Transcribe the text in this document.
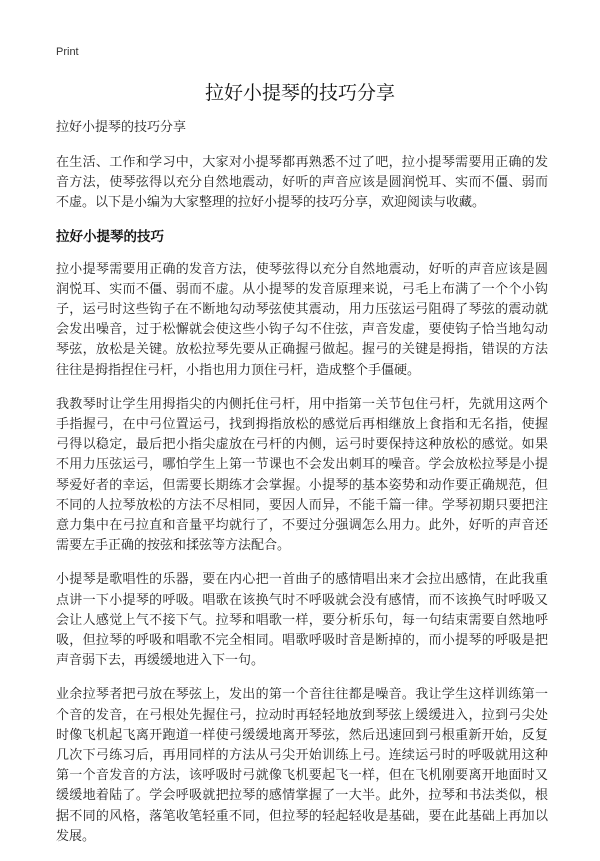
Print
拉好小提琴的技巧分享

拉好小提琴的技巧分享

在生活、工作和学习中，大家对小提琴都再熟悉不过了吧，拉小提琴需要用正确的发音方法，使琴弦得以充分自然地震动，好听的声音应该是圆润悦耳、实而不僵、弱而不虚。以下是小编为大家整理的拉好小提琴的技巧分享，欢迎阅读与收藏。

拉好小提琴的技巧

拉小提琴需要用正确的发音方法，使琴弦得以充分自然地震动，好听的声音应该是圆润悦耳、实而不僵、弱而不虚。从小提琴的发音原理来说，弓毛上布满了一个个小钩子，运弓时这些钩子在不断地勾动琴弦使其震动，用力压弦运弓阻碍了琴弦的震动就会发出噪音，过于松懈就会使这些小钩子勾不住弦，声音发虚，要使钩子恰当地勾动琴弦，放松是关键。放松拉琴先要从正确握弓做起。握弓的关键是拇指，错误的方法往往是拇指捏住弓杆，小指也用力顶住弓杆，造成整个手僵硬。

我教琴时让学生用拇指尖的内侧托住弓杆，用中指第一关节包住弓杆，先就用这两个手指握弓，在中弓位置运弓，找到拇指放松的感觉后再相继放上食指和无名指，使握弓得以稳定，最后把小指尖虚放在弓杆的内侧，运弓时要保持这种放松的感觉。如果不用力压弦运弓，哪怕学生上第一节课也不会发出刺耳的噪音。学会放松拉琴是小提琴爱好者的幸运，但需要长期练才会掌握。小提琴的基本姿势和动作要正确规范，但不同的人拉琴放松的方法不尽相同，要因人而异，不能千篇一律。学琴初期只要把注意力集中在弓拉直和音量平均就行了，不要过分强调怎么用力。此外，好听的声音还需要左手正确的按弦和揉弦等方法配合。

小提琴是歌唱性的乐器，要在内心把一首曲子的感情唱出来才会拉出感情，在此我重点讲一下小提琴的呼吸。唱歌在该换气时不呼吸就会没有感情，而不该换气时呼吸又会让人感觉上气不接下气。拉琴和唱歌一样，要分析乐句，每一句结束需要自然地呼吸，但拉琴的呼吸和唱歌不完全相同。唱歌呼吸时音是断掉的，而小提琴的呼吸是把声音弱下去，再缓缓地进入下一句。

业余拉琴者把弓放在琴弦上，发出的第一个音往往都是噪音。我让学生这样训练第一个音的发音，在弓根处先握住弓，拉动时再轻轻地放到琴弦上缓缓进入，拉到弓尖处时像飞机起飞离开跑道一样使弓缓缓地离开琴弦，然后迅速回到弓根重新开始，反复几次下弓练习后，再用同样的方法从弓尖开始训练上弓。连续运弓时的呼吸就用这种第一个音发音的方法，该呼吸时弓就像飞机要起飞一样，但在飞机刚要离开地面时又缓缓地着陆了。学会呼吸就把拉琴的感情掌握了一大半。此外，拉琴和书法类似，根据不同的风格，落笔收笔轻重不同，但拉琴的轻起轻收是基础，要在此基础上再加以发展。
